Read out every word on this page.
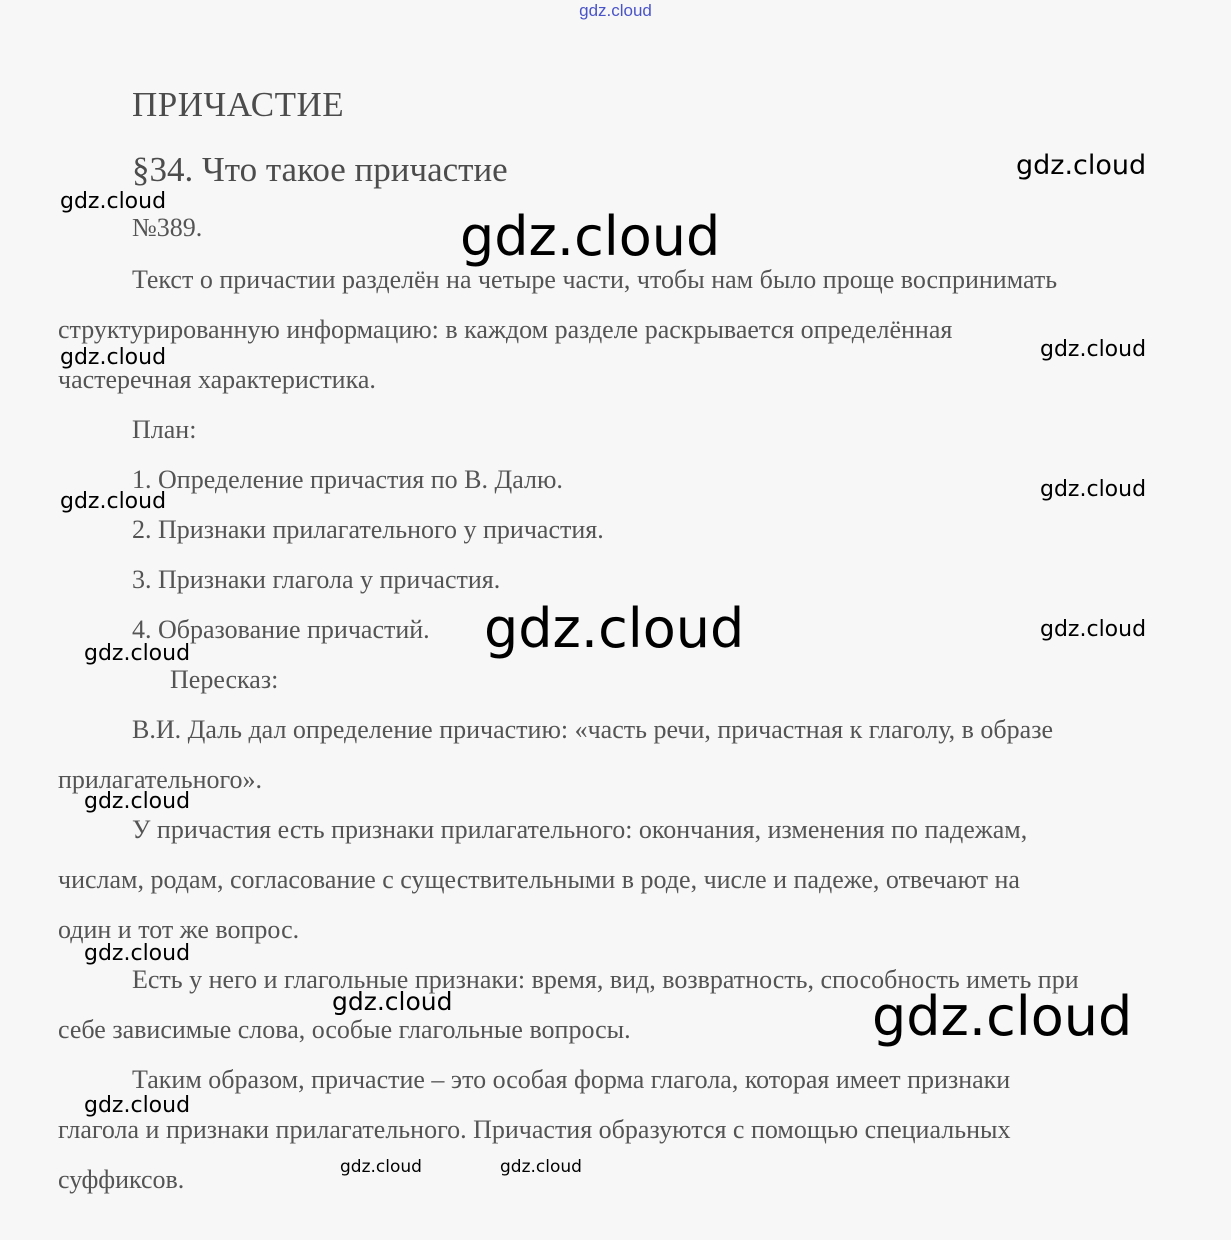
gdz.cloud
ПРИЧАСТИЕ
§34. Что такое причастие
№389.
Текст о причастии разделён на четыре части, чтобы нам было проще воспринимать
структурированную информацию: в каждом разделе раскрывается определённая
частеречная характеристика.
План:
1. Определение причастия по В. Далю.
2. Признаки прилагательного у причастия.
3. Признаки глагола у причастия.
4. Образование причастий.
Пересказ:
В.И. Даль дал определение причастию: «часть речи, причастная к глаголу, в образе
прилагательного».
У причастия есть признаки прилагательного: окончания, изменения по падежам,
числам, родам, согласование с существительными в роде, числе и падеже, отвечают на
один и тот же вопрос.
Есть у него и глагольные признаки: время, вид, возвратность, способность иметь при
себе зависимые слова, особые глагольные вопросы.
Таким образом, причастие – это особая форма глагола, которая имеет признаки
глагола и признаки прилагательного. Причастия образуются с помощью специальных
суффиксов.
gdz.cloud
gdz.cloud
gdz.cloud
gdz.cloud	gdz.cloud
gdz.cloud	gdz.cloud
gdz.cloud	gdz.cloud
gdz.cloud
gdz.cloud
gdz.cloud
gdz.cloud	gdz.cloud
gdz.cloud
gdz.cloud	gdz.cloud
